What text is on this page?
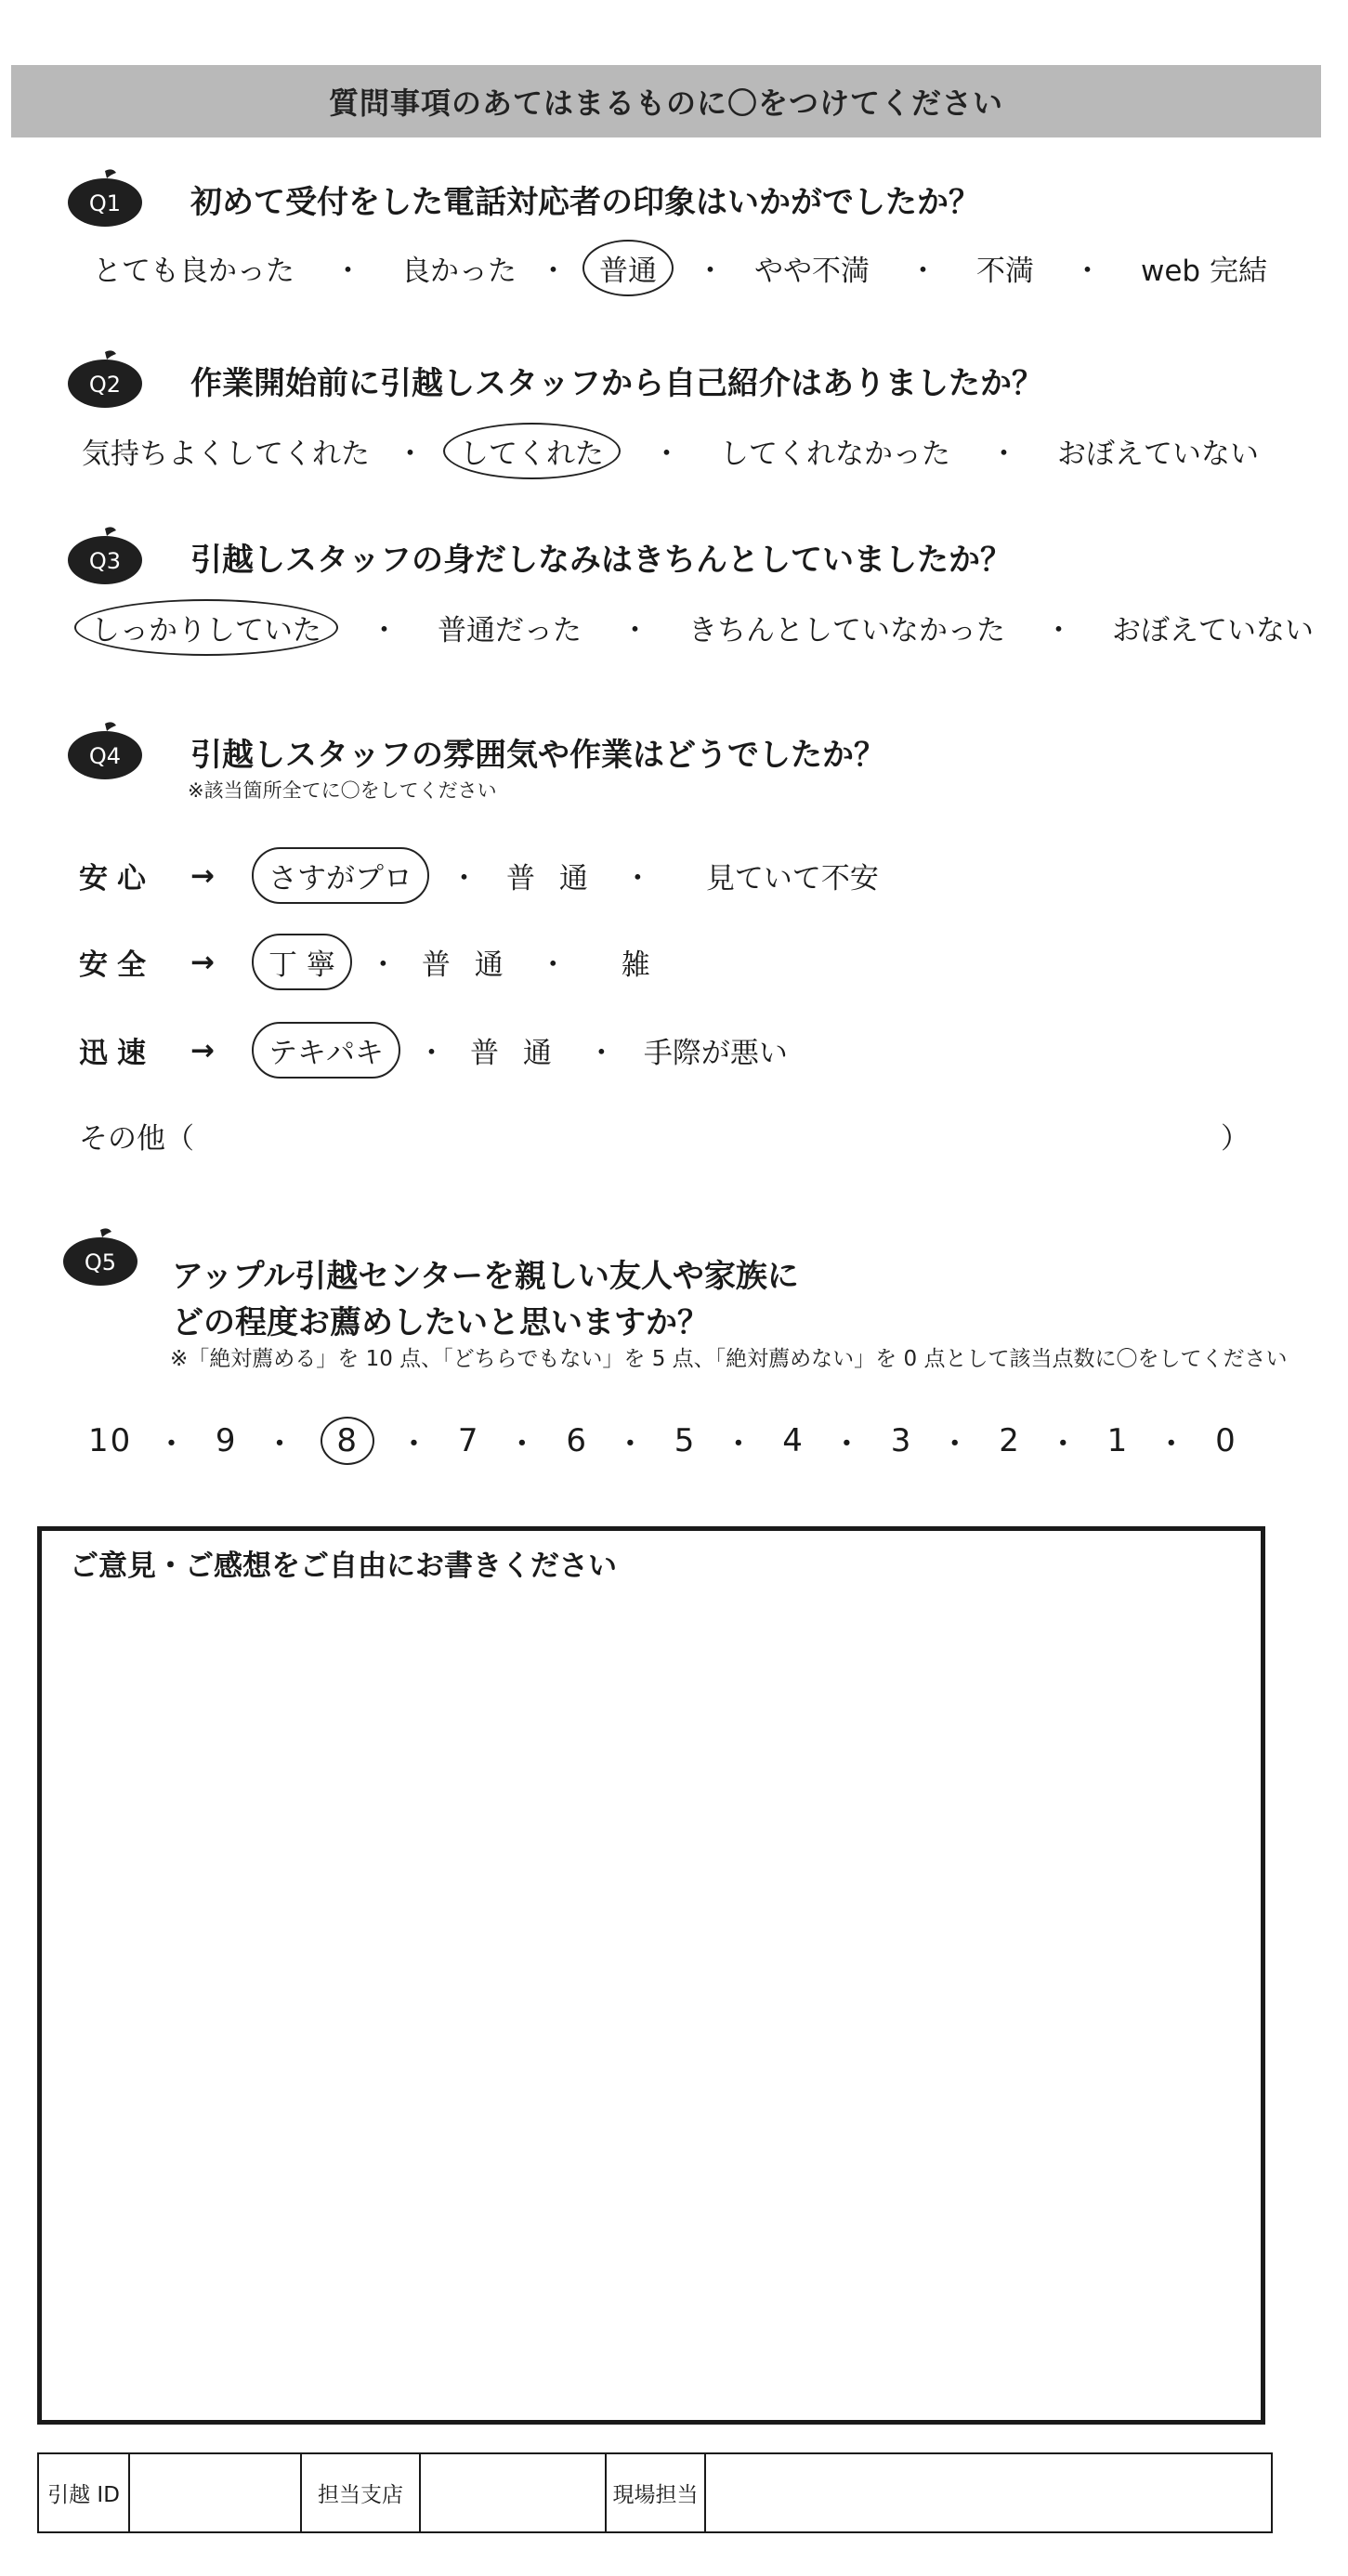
質問事項のあてはまるものに〇をつけてください
Q1 初めて受付をした電話対応者の印象はいかがでしたか？
とても良かった ・ 良かった ・	普通	・ やや不満 ・ 不満 ・ web 完結
Q2 作業開始前に引越しスタッフから自己紹介はありましたか？
気持ちよくしてくれた ・	してくれた	・ してくれなかった ・ おぼえていない
Q3 引越しスタッフの身だしなみはきちんとしていましたか？
しっかりしていた	・ 普通だった ・ きちんとしていなかった ・ おぼえていない
Q4 引越しスタッフの雰囲気や作業はどうでしたか？
※該当箇所全てに〇をしてください
安心	→	さすがプロ	・ 普 通 ・ 見ていて不安
安全	→	丁 寧	・ 普 通 ・ 雑
迅速	→	テキパキ	・ 普 通 ・ 手際が悪い
その他（	）
Q5 アップル引越センターを親しい友人や家族に
どの程度お薦めしたいと思いますか？
※「絶対薦める」を 10 点、「どちらでもない」を 5 点、「絶対薦めない」を 0 点として該当点数に〇をしてください
10 ・ 9 ・	8	・ 7 ・ 6 ・ 5 ・ 4 ・ 3 ・ 2 ・ 1 ・ 0
ご意見・ご感想をご自由にお書きください
引越 ID	担当支店	現場担当
